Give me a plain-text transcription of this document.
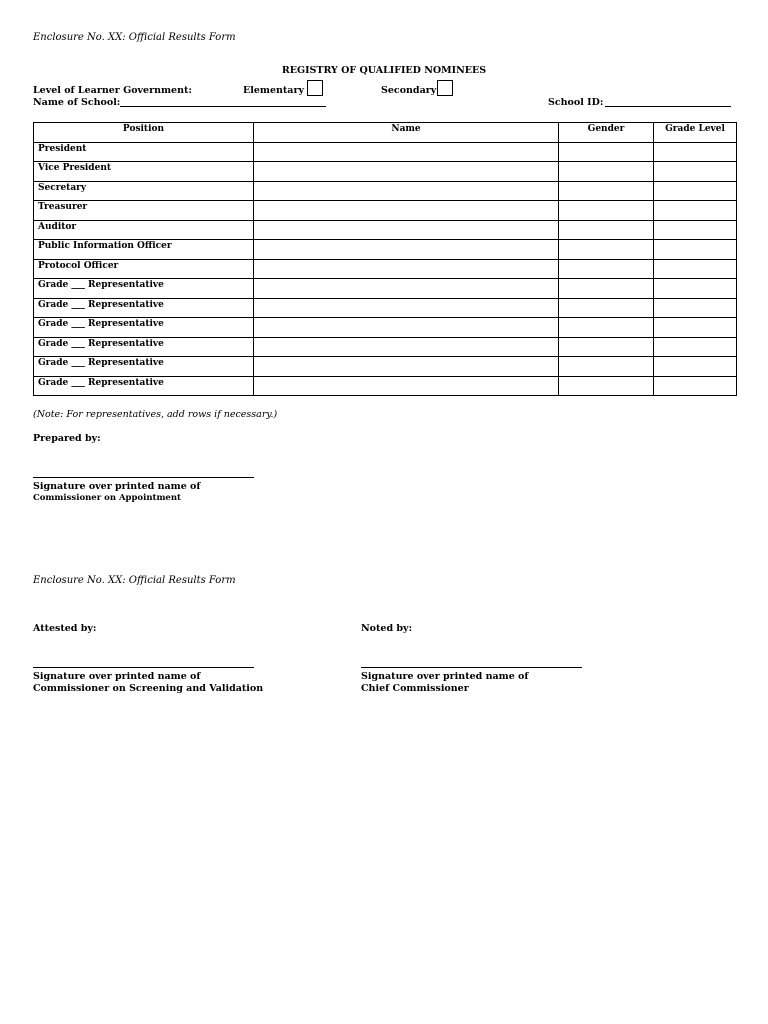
Enclosure No. XX: Official Results Form
REGISTRY OF QUALIFIED NOMINEES
Level of Learner Government:	Elementary	Secondary
Name of School:	School ID:
Position	Name	Gender	Grade Level
President			
Vice President			
Secretary			
Treasurer			
Auditor			
Public Information Officer			
Protocol Officer			
Grade ___ Representative			
Grade ___ Representative			
Grade ___ Representative			
Grade ___ Representative			
Grade ___ Representative			
Grade ___ Representative			
(Note: For representatives, add rows if necessary.)
Prepared by:
Signature over printed name of
Commissioner on Appointment
Enclosure No. XX: Official Results Form
Attested by:	Noted by:
Signature over printed name of
Commissioner on Screening and Validation
Signature over printed name of
Chief Commissioner
